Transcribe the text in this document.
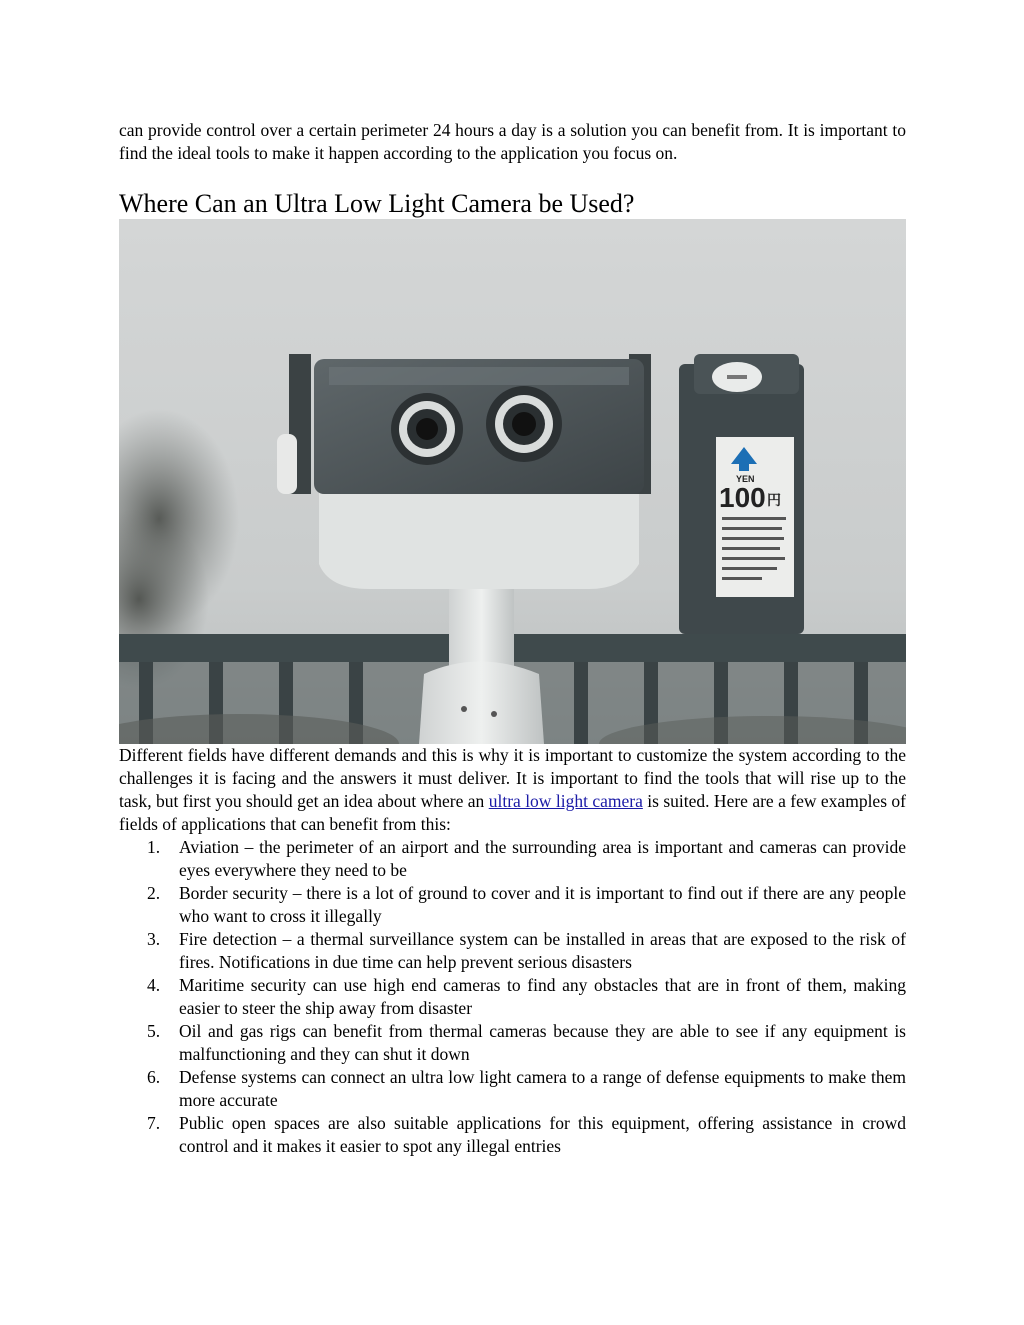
can provide control over a certain perimeter 24 hours a day is a solution you can benefit from. It is important to find the ideal tools to make it happen according to the application you focus on.

Where Can an Ultra Low Light Camera be Used?
YEN
100 円

Different fields have different demands and this is why it is important to customize the system according to the challenges it is facing and the answers it must deliver. It is important to find the tools that will rise up to the task, but first you should get an idea about where an ultra low light camera is suited. Here are a few examples of fields of applications that can benefit from this:

1. Aviation – the perimeter of an airport and the surrounding area is important and cameras can provide eyes everywhere they need to be
2. Border security – there is a lot of ground to cover and it is important to find out if there are any people who want to cross it illegally
3. Fire detection – a thermal surveillance system can be installed in areas that are exposed to the risk of fires. Notifications in due time can help prevent serious disasters
4. Maritime security can use high end cameras to find any obstacles that are in front of them, making easier to steer the ship away from disaster
5. Oil and gas rigs can benefit from thermal cameras because they are able to see if any equipment is malfunctioning and they can shut it down
6. Defense systems can connect an ultra low light camera to a range of defense equipments to make them more accurate
7. Public open spaces are also suitable applications for this equipment, offering assistance in crowd control and it makes it easier to spot any illegal entries
